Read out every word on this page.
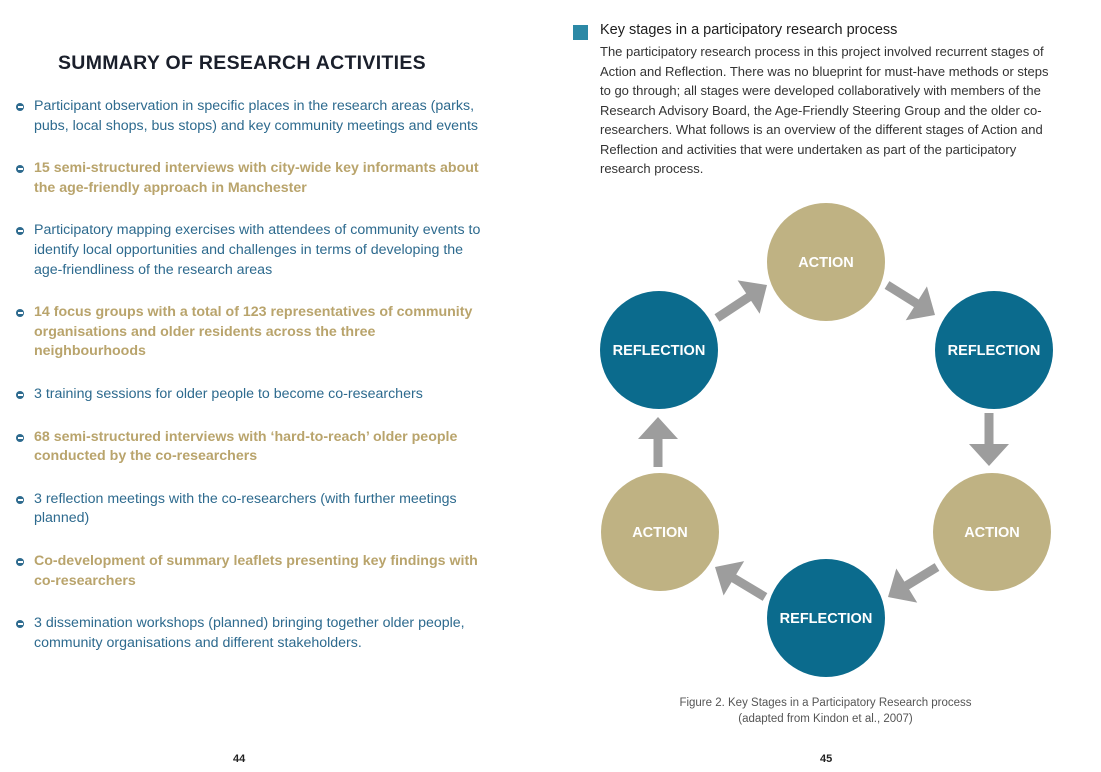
SUMMARY OF RESEARCH ACTIVITIES
Participant observation in specific places in the research areas (parks, pubs, local shops, bus stops) and key community meetings and events
15 semi-structured interviews with city-wide key informants about the age-friendly approach in Manchester
Participatory mapping exercises with attendees of community events to identify local opportunities and challenges in terms of developing the age-friendliness of the research areas
14 focus groups with a total of 123 representatives of community organisations and older residents across the three neighbourhoods
3 training sessions for older people to become co-researchers
68 semi-structured interviews with ‘hard-to-reach’ older people conducted by the co-researchers
3 reflection meetings with the co-researchers (with further meetings planned)
Co-development of summary leaflets presenting key findings with co-researchers
3 dissemination workshops (planned) bringing together older people, community organisations and different stakeholders.
44
Key stages in a participatory research process
The participatory research process in this project involved recurrent stages of Action and Reflection. There was no blueprint for must-have methods or steps to go through; all stages were developed collaboratively with members of the Research Advisory Board, the Age-Friendly Steering Group and the older co-researchers. What follows is an overview of the different stages of Action and Reflection and activities that were undertaken as part of the participatory research process.
ACTION
REFLECTION
ACTION
REFLECTION
ACTION
REFLECTION
Figure 2. Key Stages in a Participatory Research process
(adapted from Kindon et al., 2007)
45
